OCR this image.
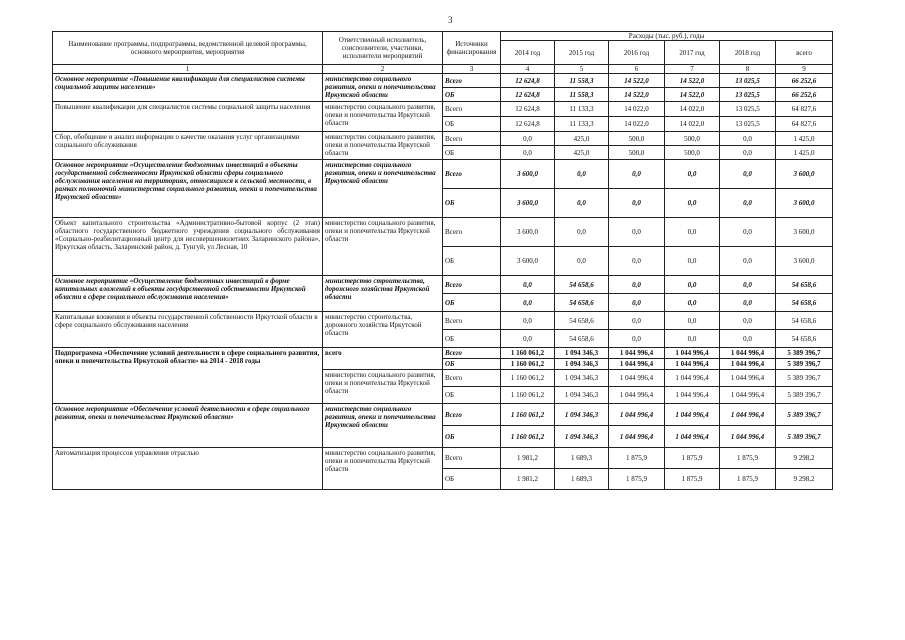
3
Наименование программы, подпрограммы, ведомственной целевой программы, основного мероприятия, мероприятия	Ответственный исполнитель, соисполнители, участники, исполнители мероприятий	Источники финансирования	Расходы (тыс. руб.), годы					
			2014 год	2015 год	2016 год	2017 год	2018 год	всего
1	2	3	4	5	6	7	8	9
Основное мероприятие «Повышение квалификации для специалистов системы социальной защиты населения»	министерство социального развития, опеки и попечительства Иркутской области	Всего	12 624,8	11 558,3	14 522,0	14 522,0	13 025,5	66 252,6
		ОБ	12 624,8	11 558,3	14 522,0	14 522,0	13 025,5	66 252,6
Повышение квалификации для специалистов системы социальной защиты населения	министерство социального развития, опеки и попечительства Иркутской области	Всего	12 624,8	11 133,3	14 022,0	14 022,0	13 025,5	64 827,6
		ОБ	12 624,8	11 133,3	14 022,0	14 022,0	13 025,5	64 827,6
Сбор, обобщение и анализ информации о качестве оказания услуг организациями социального обслуживания	министерство социального развития, опеки и попечительства Иркутской области	Всего	0,0	425,0	500,0	500,0	0,0	1 425,0
		ОБ	0,0	425,0	500,0	500,0	0,0	1 425,0
Основное мероприятие «Осуществление бюджетных инвестиций в объекты государственной собственности Иркутской области сферы социального обслуживания населения на территориях, относящихся к сельской местности, в рамках полномочий министерства социального развития, опеки и попечительства Иркутской области»	министерство социального развития, опеки и попечительства Иркутской области	Всего	3 600,0	0,0	0,0	0,0	0,0	3 600,0
		ОБ	3 600,0	0,0	0,0	0,0	0,0	3 600,0
Объект капитального строительства «Административно-бытовой корпус (2 этап) областного государственного бюджетного учреждения социального обслуживания «Социально-реабилитационный центр для несовершеннолетних Заларинского района», Иркутская область, Заларинский район, д. Тунгуй, ул Лесная, 10	министерство социального развития, опеки и попечительства Иркутской области	Всего	3 600,0	0,0	0,0	0,0	0,0	3 600,0
		ОБ	3 600,0	0,0	0,0	0,0	0,0	3 600,0
Основное мероприятие «Осуществление бюджетных инвестиций в форме капитальных вложений в объекты государственной собственности Иркутской области в сфере социального обслуживания населения»	министерство строительства, дорожного хозяйства Иркутской области	Всего	0,0	54 658,6	0,0	0,0	0,0	54 658,6
		ОБ	0,0	54 658,6	0,0	0,0	0,0	54 658,6
Капитальные вложения в объекты государственной собственности Иркутской области в сфере социального обслуживания населения	министерство строительства, дорожного хозяйства Иркутской области	Всего	0,0	54 658,6	0,0	0,0	0,0	54 658,6
		ОБ	0,0	54 658,6	0,0	0,0	0,0	54 658,6
Подпрограмма «Обеспечение условий деятельности в сфере социального развития, опеки и попечительства Иркутской области» на 2014 - 2018 годы	всего	Всего	1 160 061,2	1 094 346,3	1 044 996,4	1 044 996,4	1 044 996,4	5 389 396,7
		ОБ	1 160 061,2	1 094 346,3	1 044 996,4	1 044 996,4	1 044 996,4	5 389 396,7
	министерство социального развития, опеки и попечительства Иркутской области	Всего	1 160 061,2	1 094 346,3	1 044 996,4	1 044 996,4	1 044 996,4	5 389 396,7
		ОБ	1 160 061,2	1 094 346,3	1 044 996,4	1 044 996,4	1 044 996,4	5 389 396,7
Основное мероприятие «Обеспечение условий деятельности в сфере социального развития, опеки и попечительства Иркутской области»	министерство социального развития, опеки и попечительства Иркутской области	Всего	1 160 061,2	1 094 346,3	1 044 996,4	1 044 996,4	1 044 996,4	5 389 396,7
		ОБ	1 160 061,2	1 094 346,3	1 044 996,4	1 044 996,4	1 044 996,4	5 389 396,7
Автоматизация процессов управления отраслью	министерство социального развития, опеки и попечительства Иркутской области	Всего	1 981,2	1 689,3	1 875,9	1 875,9	1 875,9	9 298,2
		ОБ	1 981,2	1 689,3	1 875,9	1 875,9	1 875,9	9 298,2
